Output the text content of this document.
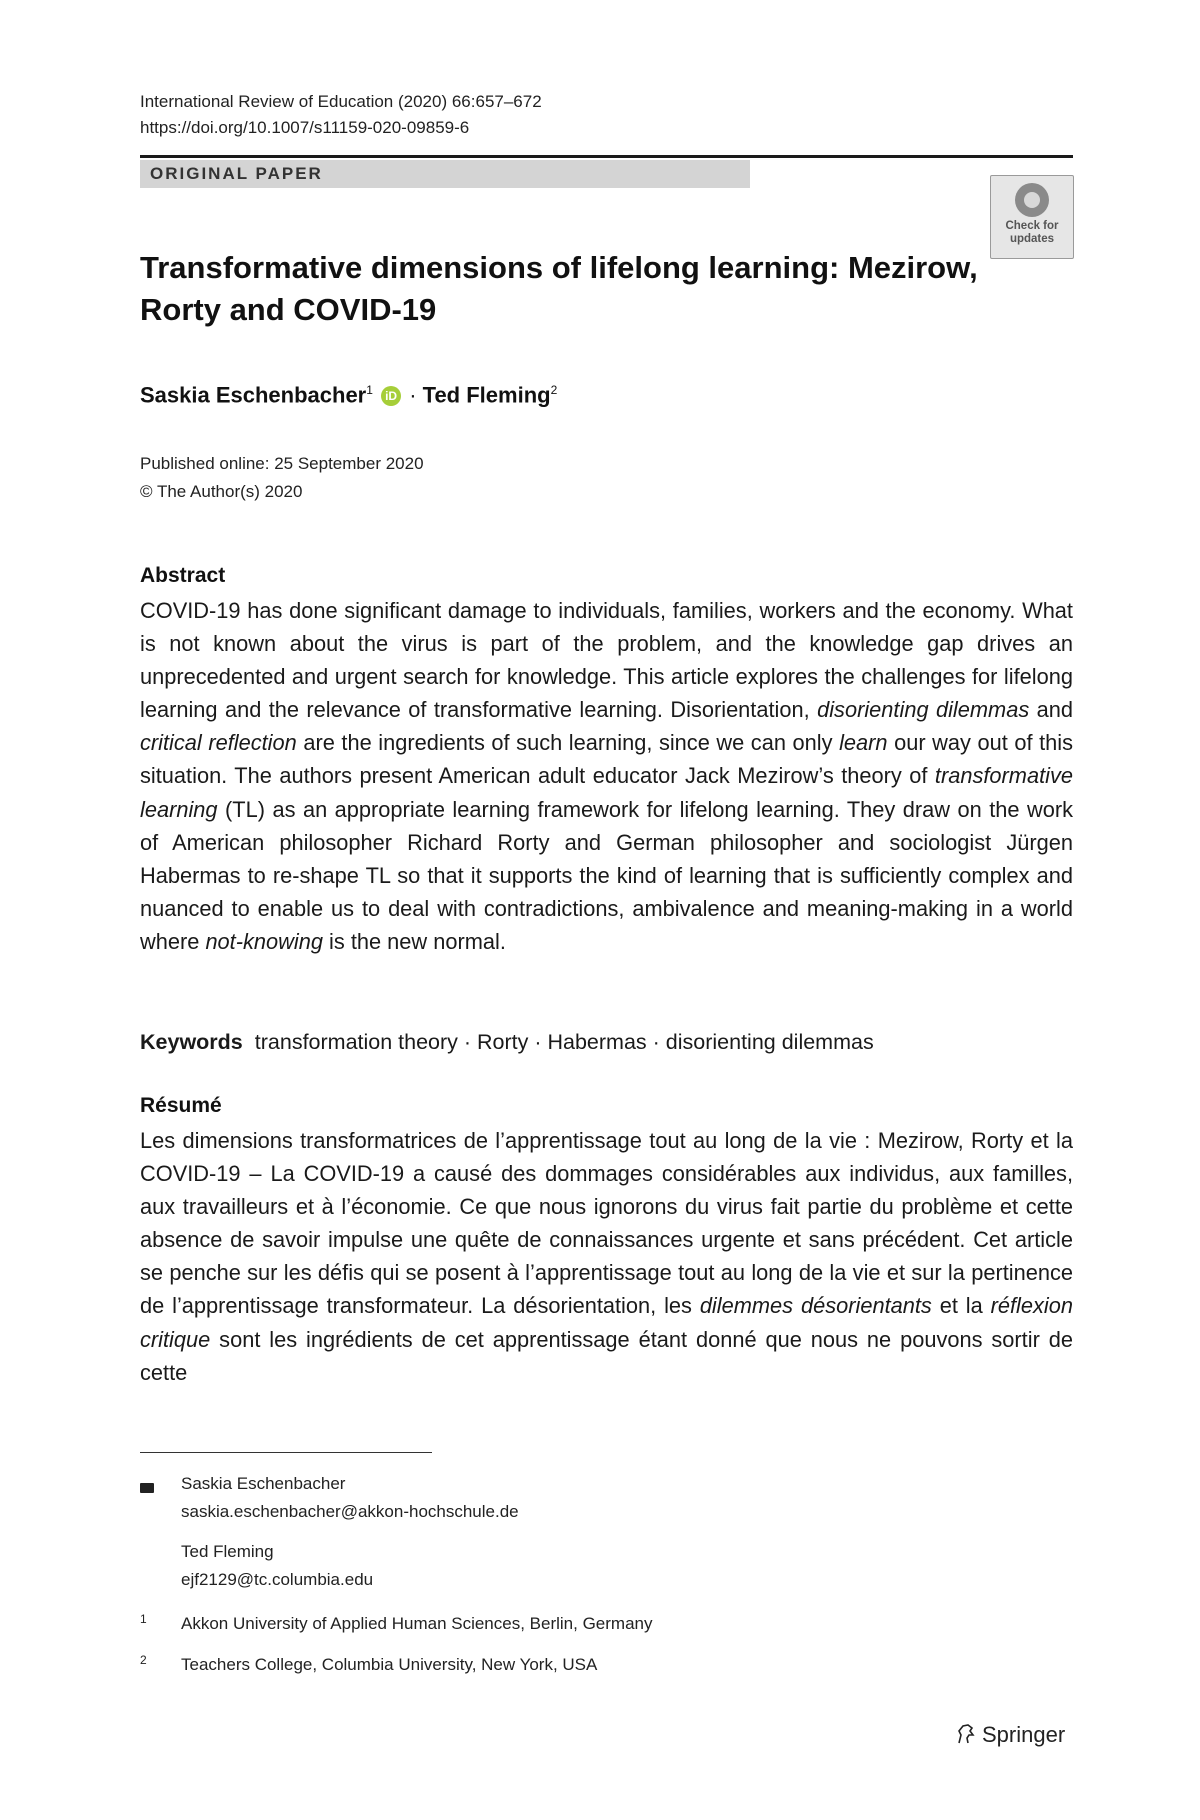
International Review of Education (2020) 66:657–672
https://doi.org/10.1007/s11159-020-09859-6
ORIGINAL PAPER
Check for updates
Transformative dimensions of lifelong learning: Mezirow, Rorty and COVID-19
Saskia Eschenbacher$^1$ iD · Ted Fleming$^2$
Published online: 25 September 2020
© The Author(s) 2020
Abstract
COVID-19 has done significant damage to individuals, families, workers and the economy. What is not known about the virus is part of the problem, and the knowledge gap drives an unprecedented and urgent search for knowledge. This article explores the challenges for lifelong learning and the relevance of transformative learning. Disorientation, disorienting dilemmas and critical reflection are the ingredients of such learning, since we can only learn our way out of this situation. The authors present American adult educator Jack Mezirow’s theory of transformative learning (TL) as an appropriate learning framework for lifelong learning. They draw on the work of American philosopher Richard Rorty and German philosopher and sociologist Jürgen Habermas to re-shape TL so that it supports the kind of learning that is sufficiently complex and nuanced to enable us to deal with contradictions, ambivalence and meaning-making in a world where not-knowing is the new normal.
Keywords transformation theory · Rorty · Habermas · disorienting dilemmas
Résumé
Les dimensions transformatrices de l’apprentissage tout au long de la vie : Mezirow, Rorty et la COVID-19 – La COVID-19 a causé des dommages considérables aux individus, aux familles, aux travailleurs et à l’économie. Ce que nous ignorons du virus fait partie du problème et cette absence de savoir impulse une quête de connaissances urgente et sans précédent. Cet article se penche sur les défis qui se posent à l’apprentissage tout au long de la vie et sur la pertinence de l’apprentissage transformateur. La désorientation, les dilemmes désorientants et la réflexion critique sont les ingrédients de cet apprentissage étant donné que nous ne pouvons sortir de cette
Saskia Eschenbacher
saskia.eschenbacher@akkon-hochschule.de
Ted Fleming
ejf2129@tc.columbia.edu
1 Akkon University of Applied Human Sciences, Berlin, Germany
2 Teachers College, Columbia University, New York, USA
Springer
